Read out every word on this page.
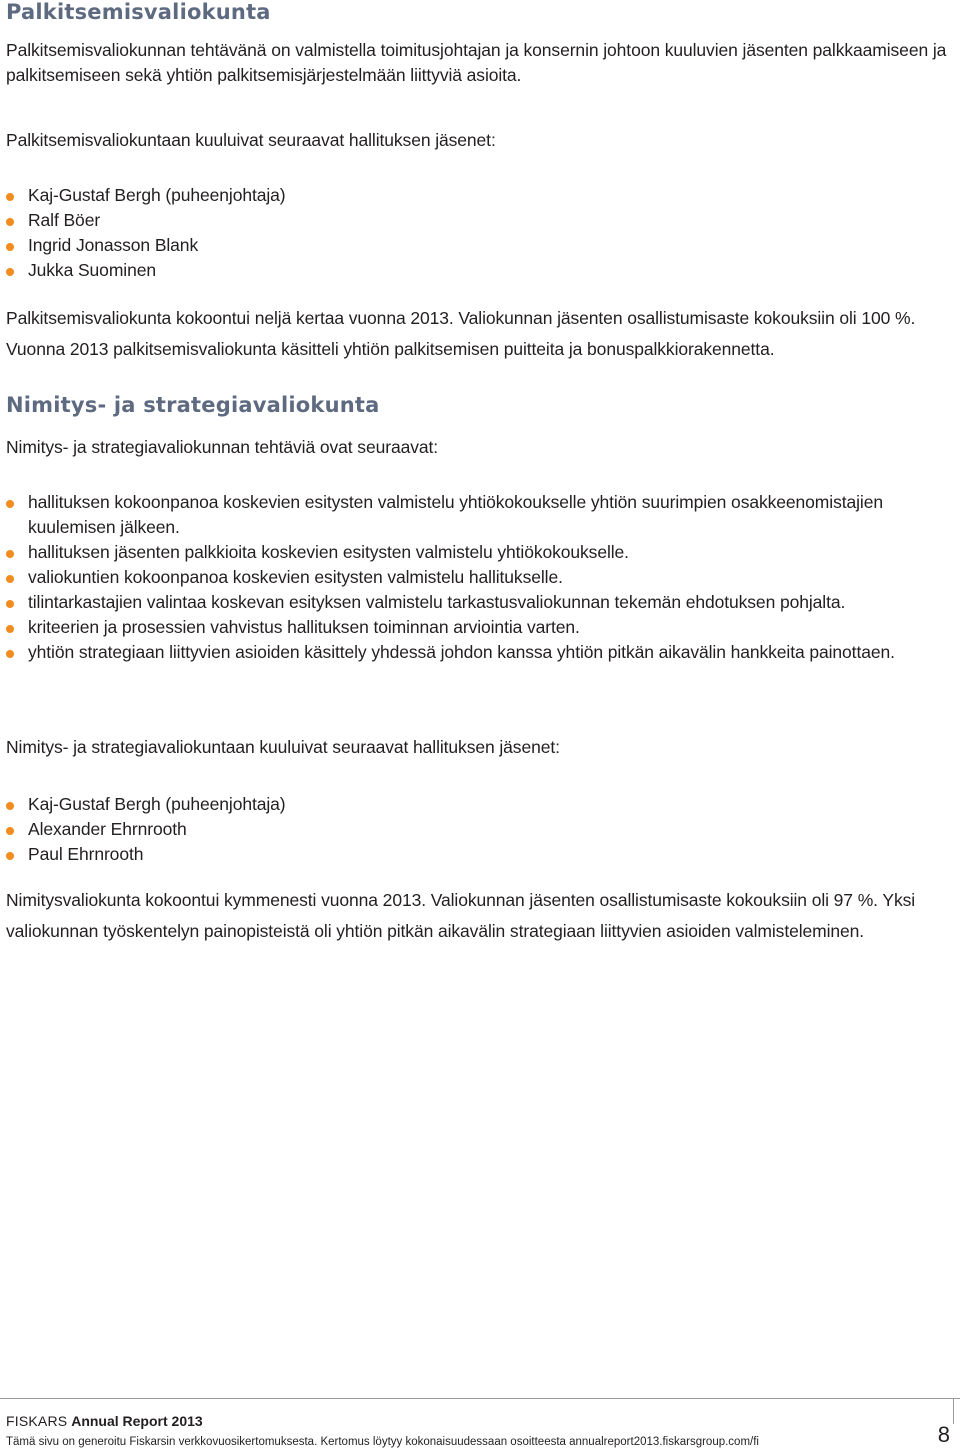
Palkitsemisvaliokunta

Palkitsemisvaliokunnan tehtävänä on valmistella toimitusjohtajan ja konsernin johtoon kuuluvien jäsenten palkkaamiseen ja palkitsemiseen sekä yhtiön palkitsemisjärjestelmään liittyviä asioita.

Palkitsemisvaliokuntaan kuuluivat seuraavat hallituksen jäsenet:

Kaj-Gustaf Bergh (puheenjohtaja)
Ralf Böer
Ingrid Jonasson Blank
Jukka Suominen

Palkitsemisvaliokunta kokoontui neljä kertaa vuonna 2013. Valiokunnan jäsenten osallistumisaste kokouksiin oli 100 %. Vuonna 2013 palkitsemisvaliokunta käsitteli yhtiön palkitsemisen puitteita ja bonuspalkkiorakennetta.

Nimitys- ja strategiavaliokunta

Nimitys- ja strategiavaliokunnan tehtäviä ovat seuraavat:

hallituksen kokoonpanoa koskevien esitysten valmistelu yhtiökokoukselle yhtiön suurimpien osakkeenomistajien kuulemisen jälkeen.
hallituksen jäsenten palkkioita koskevien esitysten valmistelu yhtiökokoukselle.
valiokuntien kokoonpanoa koskevien esitysten valmistelu hallitukselle.
tilintarkastajien valintaa koskevan esityksen valmistelu tarkastusvaliokunnan tekemän ehdotuksen pohjalta.
kriteerien ja prosessien vahvistus hallituksen toiminnan arviointia varten.
yhtiön strategiaan liittyvien asioiden käsittely yhdessä johdon kanssa yhtiön pitkän aikavälin hankkeita painottaen.

Nimitys- ja strategiavaliokuntaan kuuluivat seuraavat hallituksen jäsenet:

Kaj-Gustaf Bergh (puheenjohtaja)
Alexander Ehrnrooth
Paul Ehrnrooth

Nimitysvaliokunta kokoontui kymmenesti vuonna 2013. Valiokunnan jäsenten osallistumisaste kokouksiin oli 97 %. Yksi valiokunnan työskentelyn painopisteistä oli yhtiön pitkän aikavälin strategiaan liittyvien asioiden valmisteleminen.

FISKARS Annual Report 2013
Tämä sivu on generoitu Fiskarsin verkkovuosikertomuksesta. Kertomus löytyy kokonaisuudessaan osoitteesta annualreport2013.fiskarsgroup.com/fi	8
